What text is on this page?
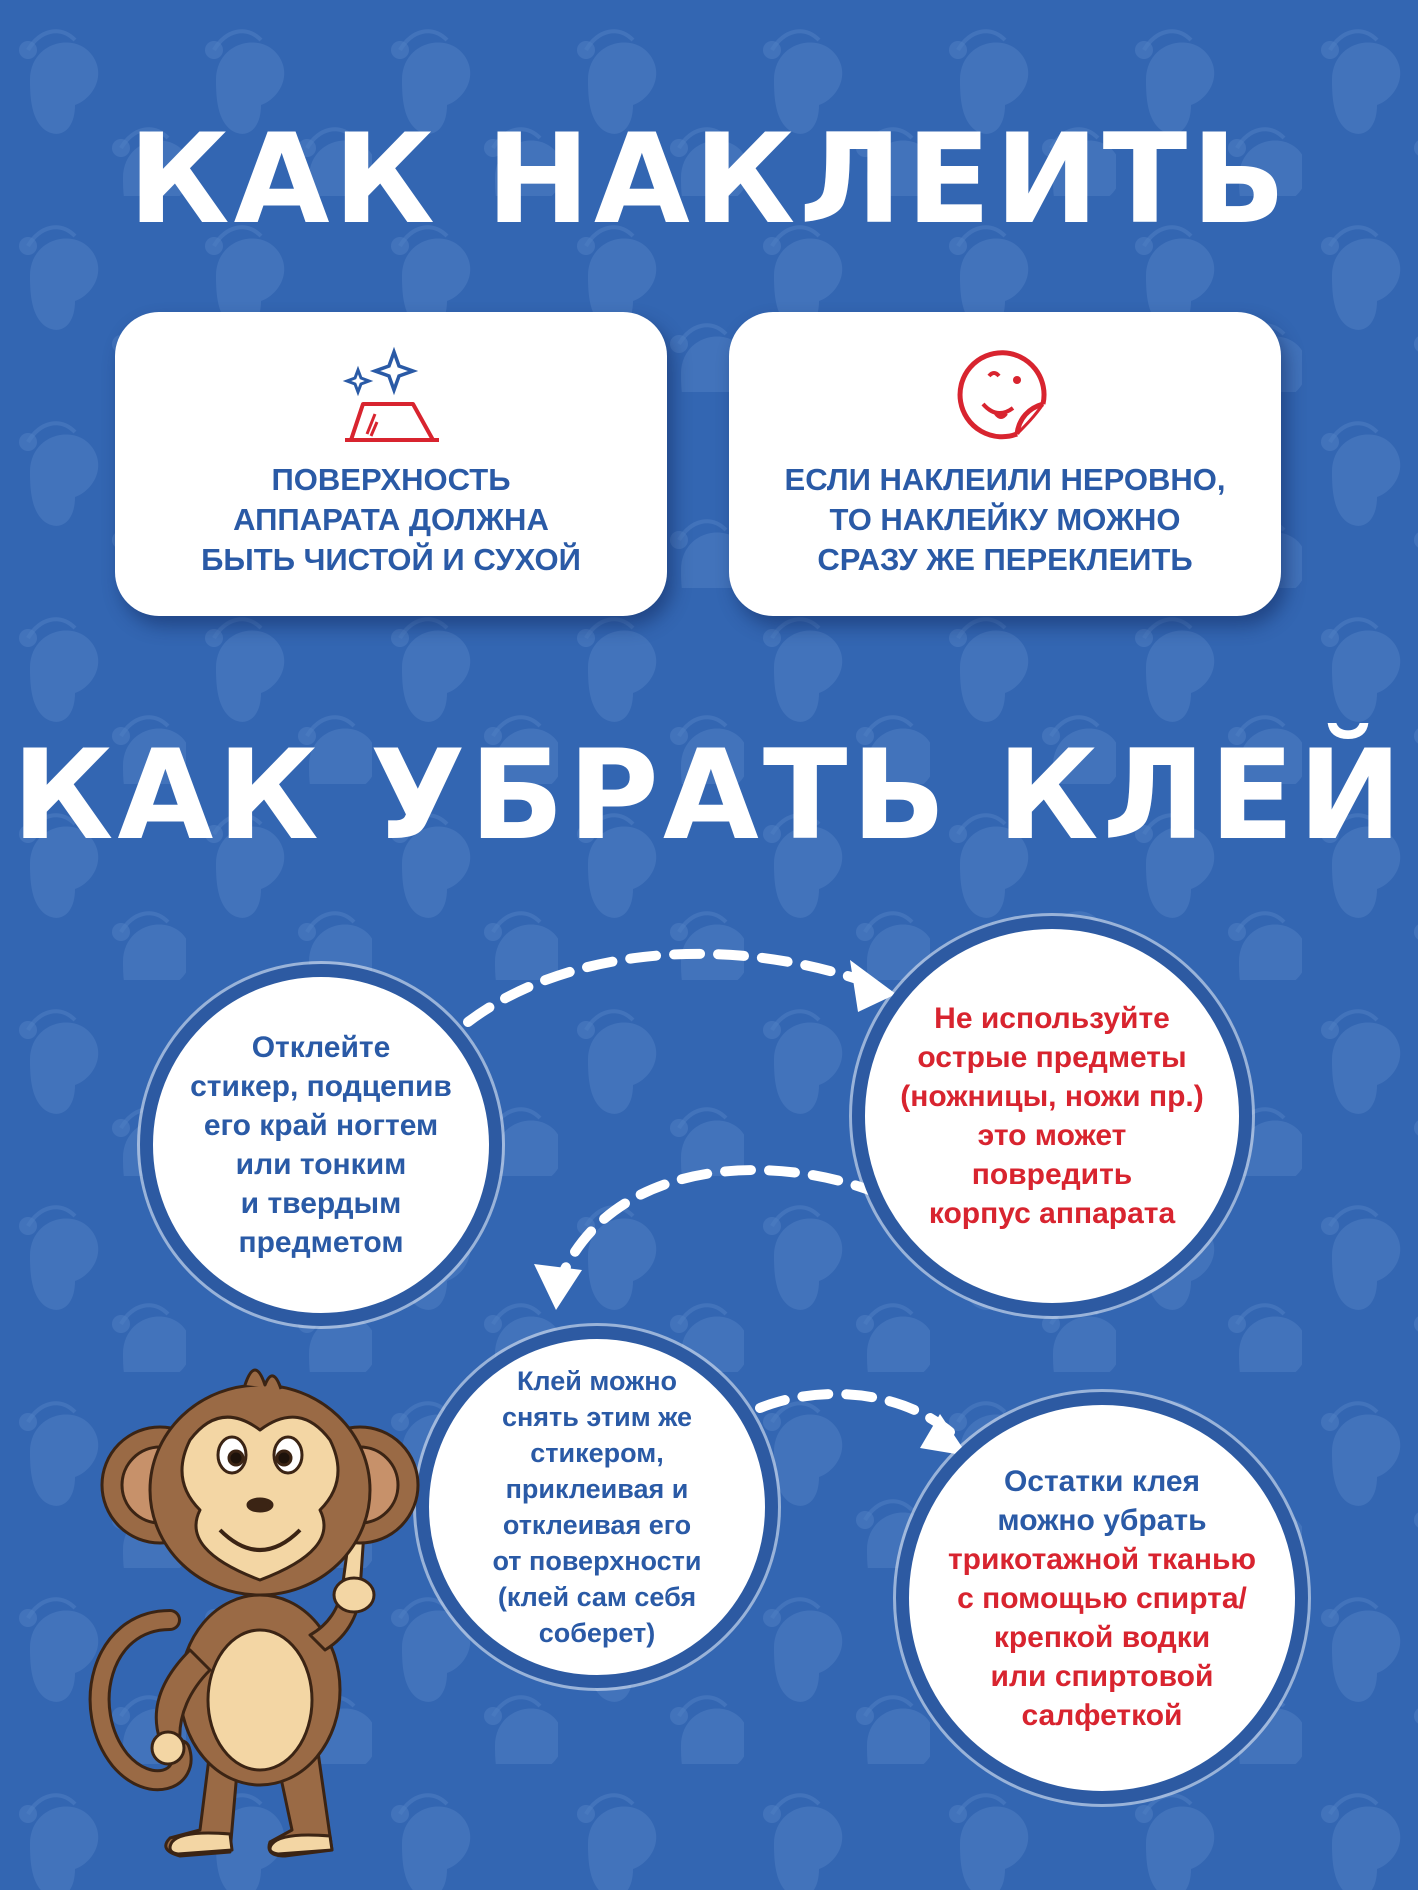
КАК НАКЛЕИТЬ
ПОВЕРХНОСТЬ
АППАРАТА ДОЛЖНА
БЫТЬ ЧИСТОЙ И СУХОЙ
ЕСЛИ НАКЛЕИЛИ НЕРОВНО,
ТО НАКЛЕЙКУ МОЖНО
СРАЗУ ЖЕ ПЕРЕКЛЕИТЬ
КАК УБРАТЬ КЛЕЙ
Отклейте
стикер, подцепив
его край ногтем
или тонким
и твердым
предметом
Не используйте
острые предметы
(ножницы, ножи пр.)
это может
повредить
корпус аппарата
Клей можно
снять этим же
стикером,
приклеивая и
отклеивая его
от поверхности
(клей сам себя
соберет)
Остатки клея
можно убрать
трикотажной тканью
с помощью спирта/
крепкой водки
или спиртовой
салфеткой
